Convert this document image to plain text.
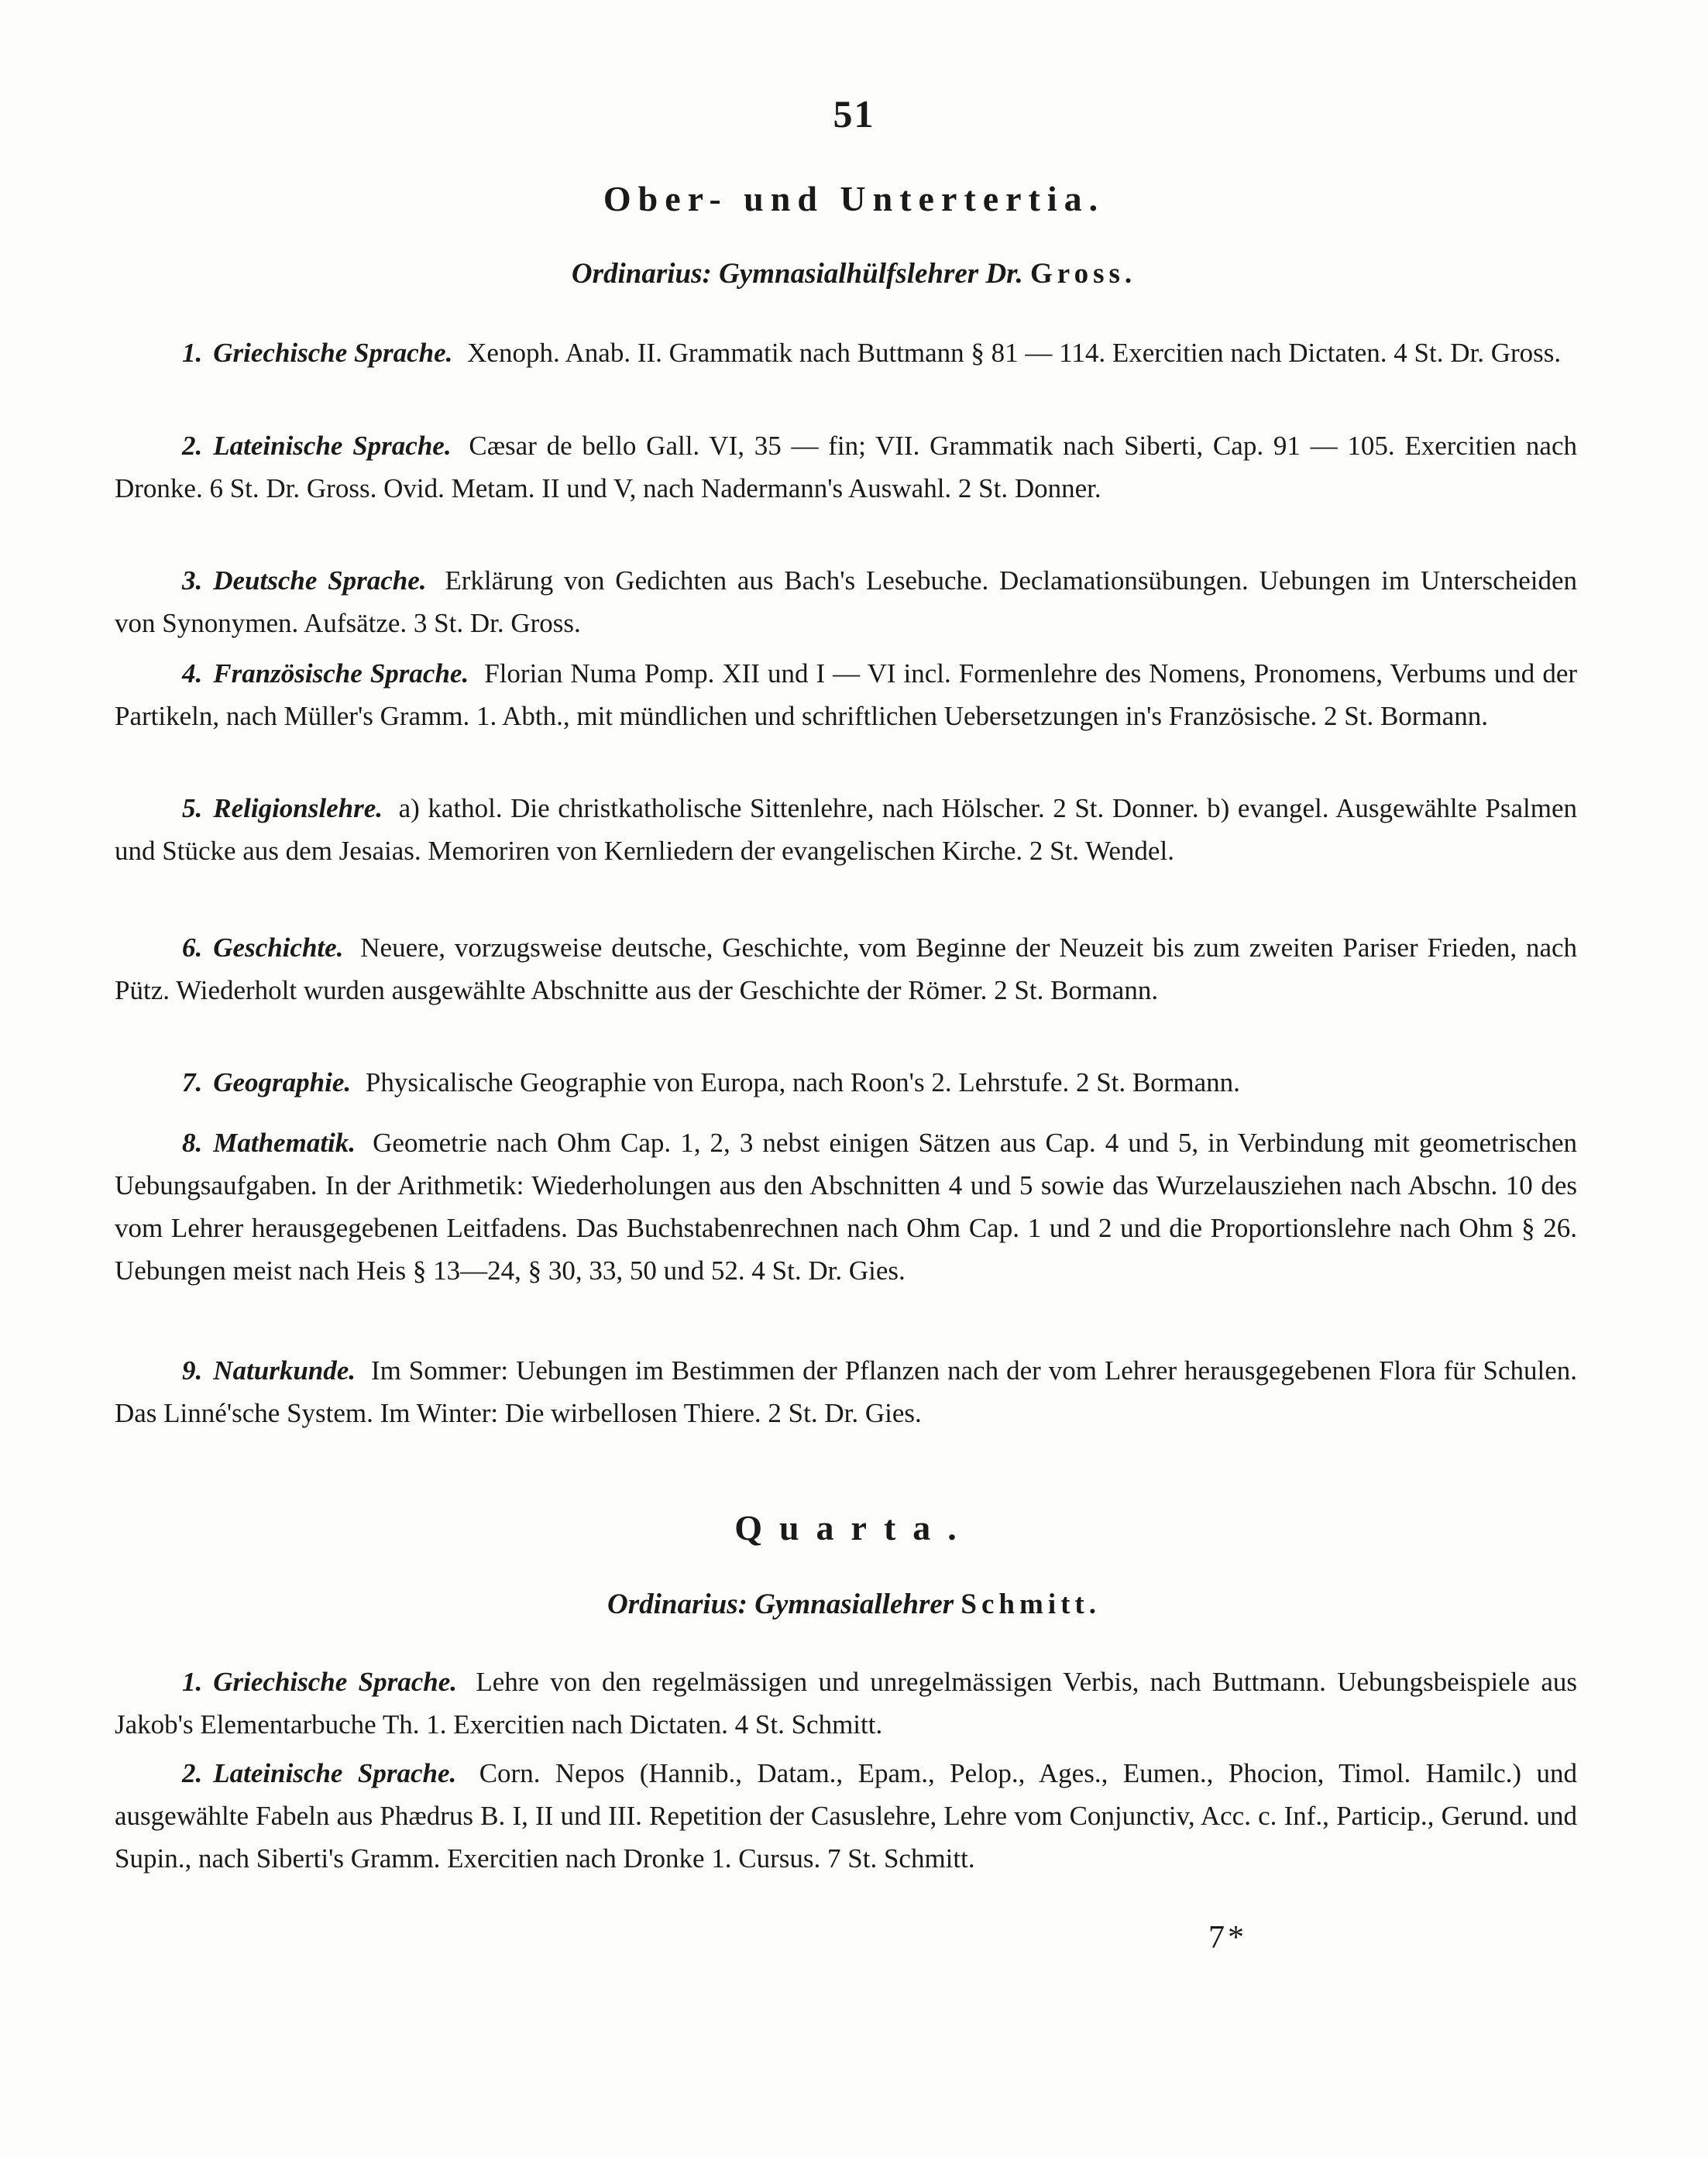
51
Ober- und Untertertia.
Ordinarius: Gymnasialhülfslehrer Dr. Gross.
1. Griechische Sprache. Xenoph. Anab. II. Grammatik nach Buttmann § 81 — 114. Exercitien nach Dictaten. 4 St. Dr. Gross.
2. Lateinische Sprache. Cæsar de bello Gall. VI, 35 — fin; VII. Grammatik nach Siberti, Cap. 91 — 105. Exercitien nach Dronke. 6 St. Dr. Gross. Ovid. Metam. II und V, nach Nadermann's Auswahl. 2 St. Donner.
3. Deutsche Sprache. Erklärung von Gedichten aus Bach's Lesebuche. Declamationsübungen. Uebungen im Unterscheiden von Synonymen. Aufsätze. 3 St. Dr. Gross.
4. Französische Sprache. Florian Numa Pomp. XII und I — VI incl. Formenlehre des Nomens, Pronomens, Verbums und der Partikeln, nach Müller's Gramm. 1. Abth., mit mündlichen und schriftlichen Uebersetzungen in's Französische. 2 St. Bormann.
5. Religionslehre. a) kathol. Die christkatholische Sittenlehre, nach Hölscher. 2 St. Donner. b) evangel. Ausgewählte Psalmen und Stücke aus dem Jesaias. Memoriren von Kernliedern der evangelischen Kirche. 2 St. Wendel.
6. Geschichte. Neuere, vorzugsweise deutsche, Geschichte, vom Beginne der Neuzeit bis zum zweiten Pariser Frieden, nach Pütz. Wiederholt wurden ausgewählte Abschnitte aus der Geschichte der Römer. 2 St. Bormann.
7. Geographie. Physicalische Geographie von Europa, nach Roon's 2. Lehrstufe. 2 St. Bormann.
8. Mathematik. Geometrie nach Ohm Cap. 1, 2, 3 nebst einigen Sätzen aus Cap. 4 und 5, in Verbindung mit geometrischen Uebungsaufgaben. In der Arithmetik: Wiederholungen aus den Abschnitten 4 und 5 sowie das Wurzelausziehen nach Abschn. 10 des vom Lehrer herausgegebenen Leitfadens. Das Buchstabenrechnen nach Ohm Cap. 1 und 2 und die Proportionslehre nach Ohm § 26. Uebungen meist nach Heis § 13—24, § 30, 33, 50 und 52. 4 St. Dr. Gies.
9. Naturkunde. Im Sommer: Uebungen im Bestimmen der Pflanzen nach der vom Lehrer herausgegebenen Flora für Schulen. Das Linné'sche System. Im Winter: Die wirbellosen Thiere. 2 St. Dr. Gies.
Quarta.
Ordinarius: Gymnasiallehrer Schmitt.
1. Griechische Sprache. Lehre von den regelmässigen und unregelmässigen Verbis, nach Buttmann. Uebungsbeispiele aus Jakob's Elementarbuche Th. 1. Exercitien nach Dictaten. 4 St. Schmitt.
2. Lateinische Sprache. Corn. Nepos (Hannib., Datam., Epam., Pelop., Ages., Eumen., Phocion, Timol. Hamilc.) und ausgewählte Fabeln aus Phædrus B. I, II und III. Repetition der Casuslehre, Lehre vom Conjunctiv, Acc. c. Inf., Particip., Gerund. und Supin., nach Siberti's Gramm. Exercitien nach Dronke 1. Cursus. 7 St. Schmitt.
7*
